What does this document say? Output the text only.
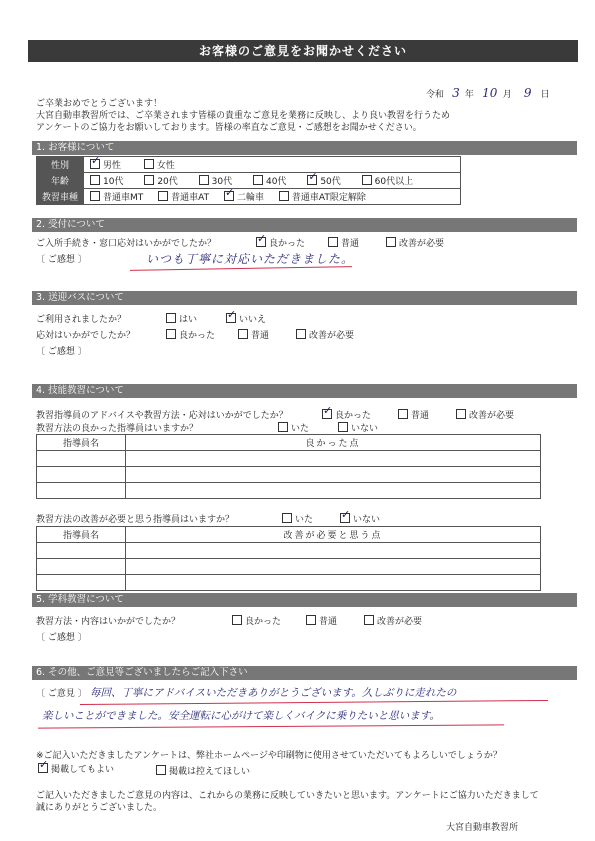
お客様のご意見をお聞かせください
令和 3 年 10 月 9 日
ご卒業おめでとうございます！
大宮自動車教習所では、ご卒業されます皆様の貴重なご意見を業務に反映し、より良い教習を行うため
アンケートのご協力をお願いしております。皆様の率直なご意見・ご感想をお聞かせください。
1. お客様について
性別	✓男性 女性
年齢	10代 20代 30代 40代 ✓ 50代 60代以上
教習車種	普通車MT 普通車AT ✓ 二輪車 普通車AT限定解除
2. 受付について
ご入所手続き・窓口応対はいかがでしたか？ ✓	良かった	普通	改善が必要
〔 ご感想 〕	いつも丁寧に対応いただきました。
3. 送迎バスについて
ご利用されましたか？	はい ✓	いいえ
応対はいかがでしたか？	良かった	普通	改善が必要
〔 ご感想 〕
4. 技能教習について
教習指導員のアドバイスや教習方法・応対はいかがでしたか？ ✓	良かった	普通	改善が必要
教習方法の良かった指導員はいますか？	いた	いない
指導員名	良かった点

教習方法の改善が必要と思う指導員はいますか？	いた ✓	いない
指導員名	改善が必要と思う点

5. 学科教習について
教習方法・内容はいかがでしたか？	良かった	普通	改善が必要
〔 ご感想 〕
6. その他、ご意見等ございましたらご記入下さい
〔 ご意見 〕 毎回、丁寧にアドバイスいただきありがとうございます。久しぶりに走れたの
楽しいことができました。安全運転に心がけて楽しくバイクに乗りたいと思います。
※ご記入いただきましたアンケートは、弊社ホームページや印刷物に使用させていただいてもよろしいでしょうか？
✓掲載してもよい	掲載は控えてほしい
ご記入いただきましたご意見の内容は、これからの業務に反映していきたいと思います。アンケートにご協力いただきまして
誠にありがとうございました。
大宮自動車教習所
